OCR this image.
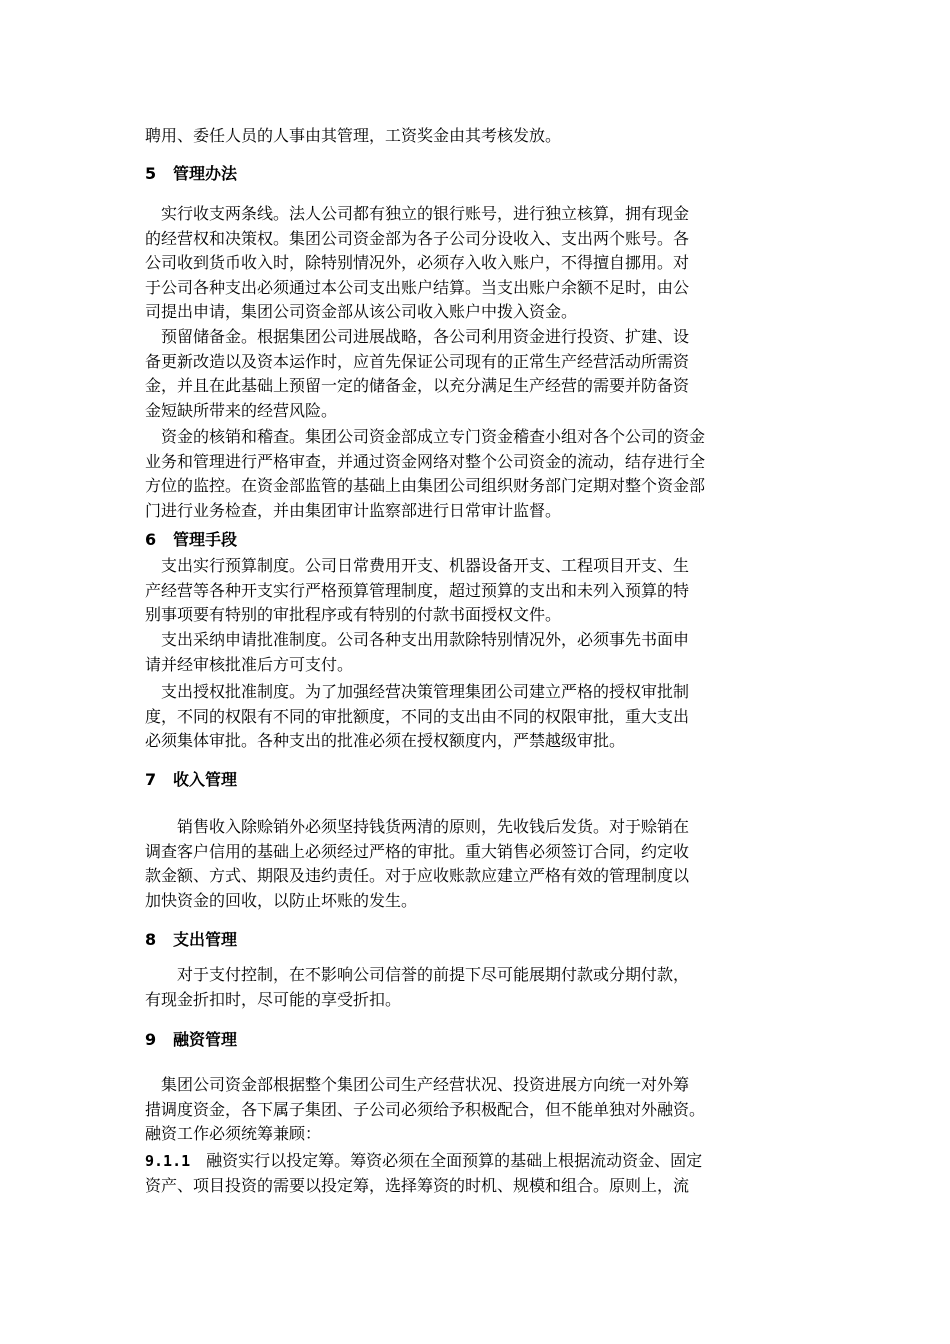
聘用、委任人员的人事由其管理，工资奖金由其考核发放。
5 管理办法
　实行收支两条线。法人公司都有独立的银行账号，进行独立核算，拥有现金
的经营权和决策权。集团公司资金部为各子公司分设收入、支出两个账号。各
公司收到货币收入时，除特别情况外，必须存入收入账户，不得擅自挪用。对
于公司各种支出必须通过本公司支出账户结算。当支出账户余额不足时，由公
司提出申请，集团公司资金部从该公司收入账户中拨入资金。
　预留储备金。根据集团公司进展战略，各公司利用资金进行投资、扩建、设
备更新改造以及资本运作时，应首先保证公司现有的正常生产经营活动所需资
金，并且在此基础上预留一定的储备金，以充分满足生产经营的需要并防备资
金短缺所带来的经营风险。
　资金的核销和稽查。集团公司资金部成立专门资金稽查小组对各个公司的资金
业务和管理进行严格审查，并通过资金网络对整个公司资金的流动，结存进行全
方位的监控。在资金部监管的基础上由集团公司组织财务部门定期对整个资金部
门进行业务检查，并由集团审计监察部进行日常审计监督。
6 管理手段
　支出实行预算制度。公司日常费用开支、机器设备开支、工程项目开支、生
产经营等各种开支实行严格预算管理制度，超过预算的支出和未列入预算的特
别事项要有特别的审批程序或有特别的付款书面授权文件。
　支出采纳申请批准制度。公司各种支出用款除特别情况外，必须事先书面申
请并经审核批准后方可支付。
　支出授权批准制度。为了加强经营决策管理集团公司建立严格的授权审批制
度，不同的权限有不同的审批额度，不同的支出由不同的权限审批，重大支出
必须集体审批。各种支出的批准必须在授权额度内，严禁越级审批。
7 收入管理
　　销售收入除赊销外必须坚持钱货两清的原则，先收钱后发货。对于赊销在
调查客户信用的基础上必须经过严格的审批。重大销售必须签订合同，约定收
款金额、方式、期限及违约责任。对于应收账款应建立严格有效的管理制度以
加快资金的回收，以防止坏账的发生。
8 支出管理
　　对于支付控制，在不影响公司信誉的前提下尽可能展期付款或分期付款，
有现金折扣时，尽可能的享受折扣。
9 融资管理
　集团公司资金部根据整个集团公司生产经营状况、投资进展方向统一对外筹
措调度资金，各下属子集团、子公司必须给予积极配合，但不能单独对外融资。
融资工作必须统筹兼顾：
9.1.1　融资实行以投定筹。筹资必须在全面预算的基础上根据流动资金、固定
资产、项目投资的需要以投定筹，选择筹资的时机、规模和组合。原则上，流
